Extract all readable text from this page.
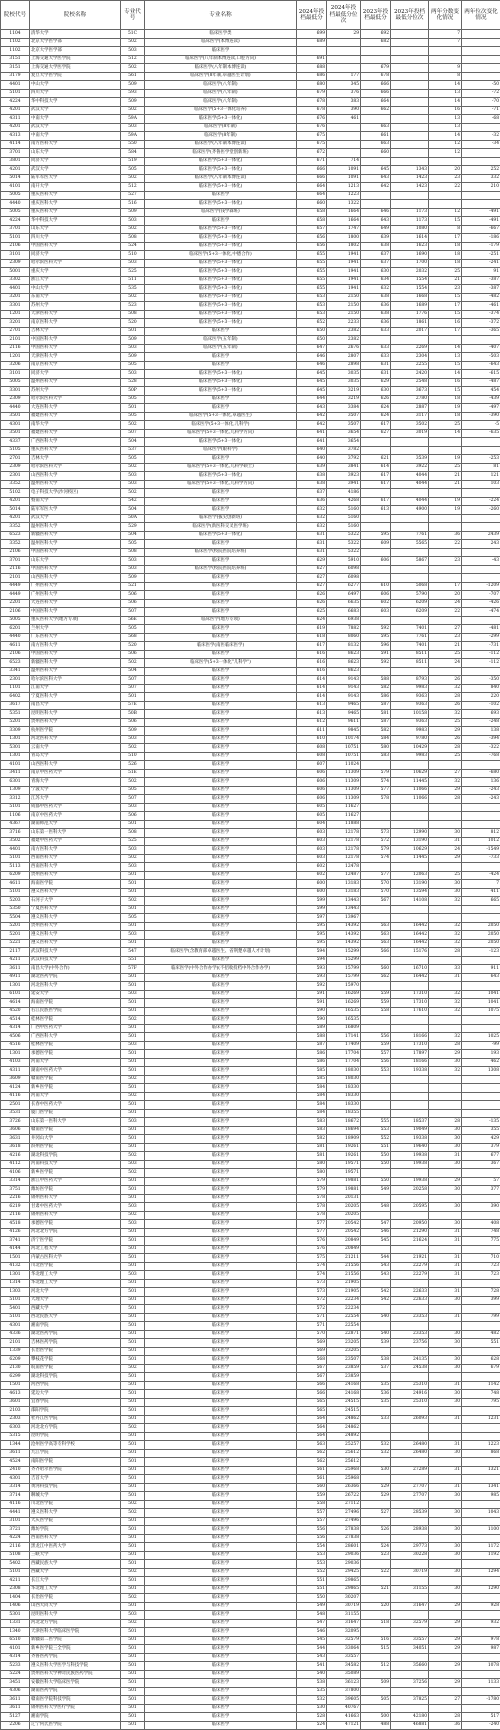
院校代号	院校名称	专业代号	专业名称	2024年投档最低分	2024年投档最低分位次	2023年投档最低分	2023年投档最低分位次	两年分数变化情况	两年位次变化情况
1104	清华大学	51C	临床医学类	699	29	692		7	
1102	北京大学医学部	502	临床医学(本博连读)	689		682		7	
1102	北京大学医学部	503	临床医学						
3151	上海交通大学医学院	512	临床医学(八年制本博连读,口腔方向)	691					
3151	上海交通大学医学院	502	临床医学(八年制本博连读)	688		679		9	
3179	复旦大学医学院	561	临床医学(8年制,卓越医生计划)	686	177	678		8	
4401	中山大学	509	临床医学(八年制)	680	345	666		14	-50
5101	四川大学	593	临床医学(八年制)	679	376	666		13	-72
4224	华中科技大学	509	临床医学(八年制)	678	383	664		14	-70
4201	武汉大学	502	临床医学(5+3一体化培养)	678	390	662		16	-71
4311	中南大学	59A	临床医学(5+3一体化)	676	461			13	-68
4201	武汉大学	503	临床医学(8年制)	676		663		13	
4313	中南大学	59A	临床医学(8年制)	675		661		14	-32
4114	南方医科大学	550	临床医学(八年制本博连读)	675		663		12	-34
3701	山东大学	584	临床医学(齐鲁医学堂创新班)	672		660		12	
3801	同济大学	519	临床医学(5+3一体化)	671	714				
4201	武汉大学	505	临床医学(5+3一体化)	666	1091	645	1343	20	252
5014	陆军军医大学	502	临床医学(八年制本博连读)	666	1091	643	1423	23	332
4101	南开大学	512	临床医学(5+3一体化)	664	1213	642	1423	22	210
5005	重庆医科大学	527	临床医学	664	1223				
4440	重庆医科大学	516	临床医学(5+3一体化)	660	1322				
5005	重庆医科大学	509	临床医学(钱学森班)	658	1664	646	1173	12	-491
4224	华中科技大学	503	临床医学	658	1664	643	1173	15	-491
3701	山东大学	502	临床医学(5+3一体化)	657	1747	649	1080	8	-667
5101	四川大学	508	临床医学(5+3一体化)	656	1800	639	1614	17	-186
2106	中国医科大学	524	临床医学(5+3一体化)	656	1802	638	1623	18	-179
3101	同济大学	510	临床医学(5+3一体化,中德合作)	655	1941	637	1690	18	-251
2309	哈尔滨医科大学	503	临床医学(5+3一体化)	655	1941	637	1700	18	-241
5001	重庆大学	525	临床医学(5+3一体化)	655	1941	630	2032	25	91
3302	浙江大学	511	临床医学(5+3一体化)	655	1941	634	1554	21	-387
4401	中山大学	535	临床医学(5+3一体化)	655	1941	632	1554	23	-387
3201	东南大学	502	临床医学(5+3一体化)	653	2150	638	1668	15	-482
3301	苏州大学	523	临床医学(5+3一体化)	653	2150	636	1689	17	-461
1201	天津医科大学	508	临床医学(5+3一体化)	653	2150	638	1776	15	-374
3201	南京医科大学	520	临床医学(5+3一体化)	652	2233	636	1861	16	-372
2701	吉林大学	501	临床医学	650	2382	633	2017	17	-365
2101	中国医科大学	509	临床医学(五年制)	650	2382				
2116	中国医科大学	503	临床医学(五年制)	647	2676	633	2269	14	-407
1201	天津医科大学	509	临床医学	646	2807	633	2304	13	-503
3206	南京医科大学	505	临床医学	646	2898	631	2255	15	-643
3101	同济大学	503	临床医学(5+3一体化)	645	3035	631	2420	14	-615
5005	温州医科大学	528	临床医学(5+3一体化)	645	3035	629	2548	16	-487
3301	苏州大学	50P	临床医学(5+3一体化)	645	3219	630	3673	15	454
2309	哈尔滨医科大学	505	临床医学	644	3219	626	2780	18	-439
4440	大连医科大学	501	临床医学	643	3384	624	2887	19	-497
3501	福建医科大学	505	临床医学(5+3一体化,卓越医生)	642	3507	624	3117	18	-390
4301	南华大学	502	临床医学(5+3一体化,儿科学)	642	3507	617	3502	25	-5
3501	福建医科大学	507	临床医学(5+3一体化,儿科学方向)	641	3654	627	3019	14	-635
4337	广西医科大学	504	临床医学(5+3一体化)	641	3654				
5105	重庆医科大学	537	临床医学(眼科学)	640	3782				
2701	吉林大学	505	临床医学	640	3792	621	3539	19	-253
2309	哈尔滨医科大学	502	临床医学(5+3一体化,儿科学硕士)	639	3841	614	3922	25	81
2301	山西医科大学	503	临床医学(5+3一体化)	638	3923	617	4044	21	121
3352	温州医科大学	503	临床医学(5+3一体化,儿科学方向)	638	3941	617	4044	21	103
5102	电子科技大学(沙河校区)	502	临床医学	637	4186				
4201	暨南大学	542	临床医学	636	4268	617	4044	19	-224
5014	陆军军医大学	504	临床医学	632	5160	613	4900	19	-260
4201	武汉大学	50A	临床医学(拔尖创新班)	632	5160				
3352	温州医科大学	529	临床医学(新医科交叉医学班)	632	5160				
6523	新疆医科大学	504	临床医学(5+3一体化)	631	5322	595	7761	36	2439
3352	温州医科大学	505	临床医学	631	5322	609	5565	22	243
2106	中国医科大学	508	临床医学(校院医院培养班)	631	5322				
3701	山东大学	503	临床医学	629	5910	606	5867	23	-43
2116	中国医科大学	503	临床医学(校院医院培养班)	627	6098				
2101	山西医科大学	509	临床医学	627	6098				
4449	广州医科大学	521	临床医学	627	6277	610	5068	17	-1209
4449	广州医科大学	506	临床医学	626	6497	606	5790	20	-707
2201	大连医科大学	506	临床医学	626	6635	602	6209	24	-426
2106	中国医科大学	507	临床医学	625	6683	603	6209	22	-474
5005	重庆医科大学(地方专项)	56E	临床医学(地方专项)	624	6938				
6201	兰州大学	505	临床医学	619	7882	592	7401	27	-481
4440	广东医科大学	568	临床医学	618	8060	595	7761	23	-299
4611	南方医科大学	520	临床医学(南医临床医学)	617	8132	596	7401	21	-731
2106	中国医科大学	506	临床医学	616	8623	591	8511	25	-112
6523	新疆医科大学	502	临床医学(5+3一体化"儿科学")	616	8623	592	8511	24	-112
3341	温州医科大学	504	临床医学	616	8623				
2301	哈尔滨医科大学	507	临床医学	614	9143	588	8793	26	-350
1101	江南大学	507	临床医学	614	9143	582	9983	32	840
6402	宁夏医科大学	501	临床医学	614	9143	586	9363	28	220
3617	南昌大学	57E	临床医学	613	9465	587	9363	26	-102
5351	昆明医科大学	50B	临床医学	613	9465	581	10158	32	693
5201	贵州医科大学	506	临床医学	612	9611	587	9363	25	-248
3309	杭州医学院	509	临床医学	611	9845	582	9983	29	138
1301	河北医科大学	503	临床医学	610	10174	584	9780	26	-394
5301	云南大学	502	临床医学	608	10751	580	10429	28	-322
1301	青岛大学	510	临床医学	608	10751	583	9983	25	-768
4101	山西医科大学	526	临床医学	607	11024				
3411	南京中医药大学	51E	临床医学	606	11309	579	10629	27	-680
6301	青海大学	502	临床医学	606	11309	574	11445	32	136
1309	宁波大学	505	临床医学	606	11309	577	11066	29	-243
3312	江苏大学	507	临床医学	606	11309	578	11066	28	-243
5101	成都中医药大学	503	临床医学	605	11627				
1106	南京中医药大学	506	临床医学	605	11627				
4367	湖南师范大学	501	临床医学	604	11888				
3716	山东第一医科大学	508	临床医学	603	12178	573	12990	30	812
3502	福建中医药大学	525	临床医学	603	12178	572	13190	31	1012
4401	南方医科大学	503	临床医学	603	12178	579	10629	24	-1549
5101	西南医科大学	502	临床医学	603	12178	574	11445	29	-733
5113	西南医科大学	503	临床医学	602	12478				
6209	贵州医科大学	501	临床医学	602	12487	577	12063	25	-424
4611	海南医学院	501	临床医学	600	13183	570	13190	30	7
5101	遵义医科大学	501	临床医学	600	13183	570	13594	30	411
5203	石河子大学	502	临床医学	599	13443	567	14108	32	665
5350	宁夏医科大学	501	临床医学	599	13443				
5504	遵义医科大学	505	临床医学	597	13967				
5201	贵州医科大学	501	临床医学	595	14392	563	16442	32	2050
5201	遵义医科大学	503	临床医学	595	14392	563	16442	32	2050
5221	遵义医科大学	501	临床医学	595	14392	563	16442	32	2050
2117	武汉科技大学	547	临床医学(含教育部卓越医生、省荆楚卓越人才计划)	594	15299	566	15176	28	-123
4211	武汉科技大学	551	临床医学	594	15299				
3611	南昌大学(中外合作)	57F	临床医学(中外合作办学)(不招收投档中外合作办学)	593	15799	560	16710	33	911
4911	湖北医药学院	501	临床医学	593	15799	562	16442	31	643
1301	河北医科大学	501	临床医学	592	15970				
6101	延安大学	503	临床医学	591	16269	559	17310	32	1041
4614	海南医学院	501	临床医学	591	16269	559	17310	32	1041
4520	右江民族医学院	501	临床医学	590	16535	558	17610	32	1075
4514	桂林医学院	502	临床医学	590	16535				
4314	广西中医药大学	501	临床医学	589	16809				
4506	广西医科大学	501	临床医学	588	17141	556	18166	32	1025
4516	桂林医学院	503	临床医学	587	17409	559	17310	28	-99
1301	承德医学院	501	临床医学	586	17704	557	17897	29	193
4103	河南大学	501	临床医学	586	17704	556	18166	30	462
4311	湖南中医药大学	501	临床医学	585	18030	553	19338	32	1308
3609	赣南医学院	502	临床医学	585	18030				
4124	新乡医学院	501	临床医学	584	18330				
4116	河南大学	502	临床医学	584	18330				
2501	长春中医药大学	501	临床医学	584	18330				
3531	厦门医学院	501	临床医学	584	18355				
3726	山东第一医科大学	503	临床医学	583	18672	555	18537	28	-135
3606	赣南医学院	501	临床医学	583	18694	553	19049	30	355
3631	井冈山大学	501	临床医学	582	18909	552	19338	30	429
3618	滨州医学院	501	临床医学	581	19261	551	19640	30	379
4216	湖北科技学院	502	临床医学	581	19261	550	19938	31	677
4112	河南科技大学	503	临床医学	580	19571	550	19938	30	367
4106	新乡医学院	502	临床医学	580	19571				
3314	浙江中医药大学	501	临床医学	579	19881	550	19938	29	57
3751	潍坊医学院	501	临床医学	579	19881	549	20258	30	377
2216	锦州医科大学	501	临床医学	578	20131				
6219	甘肃中医药大学	503	临床医学	578	20205	548	20595	30	390
2116	锦州医科大学	502	临床医学	578	20205				
4518	承德医学院	503	临床医学	577	20542	547	20950	30	408
4126	河北北方学院	501	临床医学	577	20542	546	21290	31	748
3741	济宁医学院	501	临床医学	576	20849	545	21624	31	775
4144	河北工程大学	501	临床医学	576	20849				
1501	内蒙古医科大学	501	临床医学	575	21211	544	21921	31	710
4132	川北医学院	501	临床医学	574	21556	543	22279	31	723
1301	华北理工大学	503	临床医学	574	21556	543	22279	31	723
1314	华北理工大学	501	临床医学	573	21905				
1303	河北大学	501	临床医学	573	21905	542	22633	31	728
5101	大理大学	501	临床医学	572	22234	542	22633	30	399
5401	西藏大学	501	临床医学	572	22234				
5101	西北民族大学	501	临床医学	571	22554	540	23353	31	799
4301	湘南学院	501	临床医学	571	22554				
4336	湖北医药学院	501	临床医学	570	22871	540	23353	30	482
2101	吉林医药学院	501	临床医学	569	23205	539	23756	30	551
1339	长治医学院	501	临床医学	569	23205				
6209	攀枝花学院	501	临床医学	568	23507	538	24135	30	628
2130	皖南医学院	502	临床医学	567	23859	537	24538	30	679
6299	湖北科技学院	501	临床医学	567	23859				
1501	河西学院	501	临床医学	566	24168	535	25310	31	1142
4613	延边大学	501	临床医学	566	24168	536	24916	30	748
3601	宜春学院	501	临床医学	565	24515	535	25310	30	795
2103	邵阳学院	501	临床医学	565	24515				
2303	牡丹江医学院	501	临床医学	564	24862	533	26093	31	1231
6303	河北北方学院	502	临床医学	564	24862				
5315	昆明学院	501	临床医学	564	24892				
1344	沧州医学高等专科学校	501	临床医学	563	25257	532	26480	31	1223
3611	九江学院	501	临床医学	562	25612	532	26480	30	868
4524	南阳医学院	501	临床医学	562	25612				
2410	齐齐哈尔医学院	501	临床医学	561	25968	530	27289	31	1321
4301	吉首大学	501	临床医学	561	25968				
3314	黄河科技学院	501	临床医学	560	26366	529	27707	31	1341
3714	聊城大学	501	临床医学	559	26722	529	27707	30	985
4116	川北医学院	502	临床医学	558	27112				
4441	遵义医科大学	502	临床医学	557	27496	527	28539	30	1043
3101	大庆医学院	501	临床医学	557	27496				
3721	潍坊学院	501	临床医学	556	27838	526	28938	30	1100
4224	西南医科大学	501	临床医学	556	27838				
2116	黑龙江中医药大学	501	临床医学	554	28601	524	29773	30	1172
5108	三峡大学	501	临床医学	553	29036	523	30228	30	1192
5402	西藏民族大学	501	临床医学	553	29036				
5101	西藏大学	502	临床医学	552	29425	522	30719	30	1294
4211	长江大学	501	临床医学	551	29865				
2308	华北理工大学	501	临床医学	551	29865	521	31155	30	1290
1404	长治医学院	502	临床医学	550	30207				
1406	山西大同大学	501	临床医学	549	30719	520	31647	29	928
5301	昆明医科大学	503	临床医学	548	31155				
1331	河北北方学院	502	临床医学	547	31647	518	32579	29	932
1340	天津医科大学临床医学院	501	临床医学	546	32095				
6510	新疆第二医学院	501	临床医学	545	32579	516	33557	29	978
4101	新乡医学院三全学院	501	临床医学	544	33064	515	34051	29	987
4314	齐鲁医药学院	501	临床医学	543	33557				
5233	遵义医科大学医学与科技学院	501	临床医学	541	34582	512	35660	29	1078
5224	贵州医科大学神奇民族医药学院	501	临床医学	540	35089				
3451	安徽医科大学临床医学院	501	临床医学	538	36123	509	37256	29	1133
4306	湖南医药学院	501	临床医学	535	37800				
3611	赣南医学院科技学院	501	临床医学	532	39605	505	37825	27	-1780
3611	锦州医科大学医疗学院	501	临床医学	530	40767				
5127	湘南学院	501	临床医学	528	41663	500	42180	28	517
2206	辽宁何氏医学院	501	临床医学	524	47121	488	46881	36	-240
